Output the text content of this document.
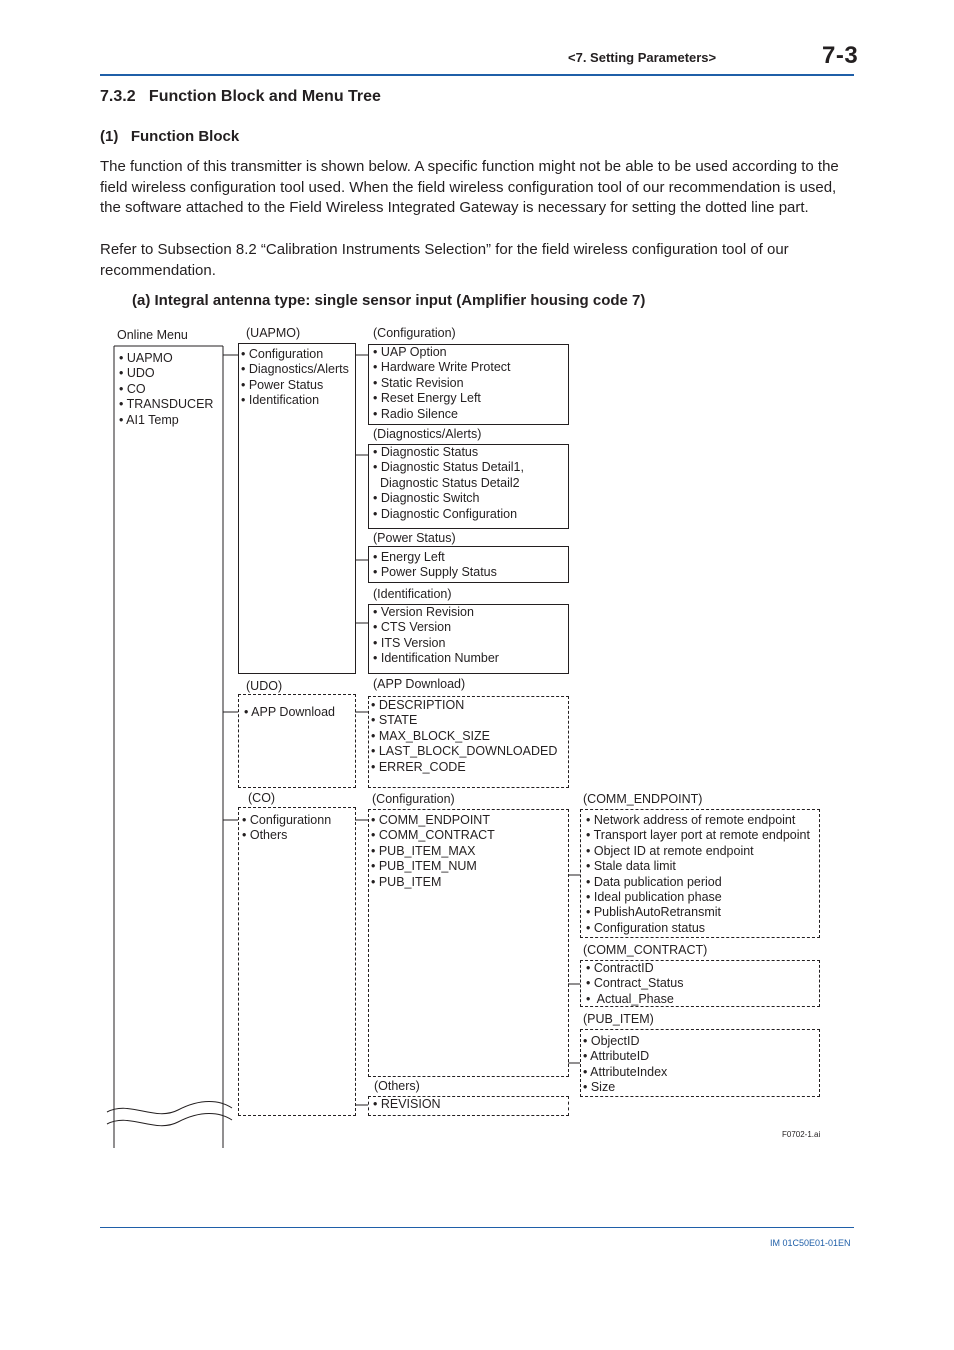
<7. Setting Parameters>	7-3
7.3.2   Function Block and Menu Tree
(1)   Function Block
The function of this transmitter is shown below. A specific function might not be able to be used according to the field wireless configuration tool used. When the field wireless configuration tool of our recommendation is used, the software attached to the Field Wireless Integrated Gateway is necessary for setting the dotted line part.
Refer to Subsection 8.2 “Calibration Instruments Selection” for the field wireless configuration tool of our recommendation.
(a) Integral antenna type: single sensor input (Amplifier housing code 7)
Online Menu
• UAPMO
• UDO
• CO
• TRANSDUCER
• AI1 Temp
(UAPMO)
• Configuration
• Diagnostics/Alerts
• Power Status
• Identification
(Configuration)
• UAP Option
• Hardware Write Protect
• Static Revision
• Reset Energy Left
• Radio Silence
(Diagnostics/Alerts)
• Diagnostic Status
• Diagnostic Status Detail1,
Diagnostic Status Detail2
• Diagnostic Switch
• Diagnostic Configuration
(Power Status)
• Energy Left
• Power Supply Status
(Identification)
• Version Revision
• CTS Version
• ITS Version
• Identification Number
(UDO)
• APP Download
(APP Download)
• DESCRIPTION
• STATE
• MAX_BLOCK_SIZE
• LAST_BLOCK_DOWNLOADED
• ERRER_CODE
(CO)
• Configurationn
• Others
(Configuration)
• COMM_ENDPOINT
• COMM_CONTRACT
• PUB_ITEM_MAX
• PUB_ITEM_NUM
• PUB_ITEM
(Others)
• REVISION
(COMM_ENDPOINT)
• Network address of remote endpoint
• Transport layer port at remote endpoint
• Object ID at remote endpoint
• Stale data limit
• Data publication period
• Ideal publication phase
• PublishAutoRetransmit
• Configuration status
(COMM_CONTRACT)
• ContractID
• Contract_Status
•  Actual_Phase
(PUB_ITEM)
• ObjectID
• AttributeID
• AttributeIndex
• Size
F0702-1.ai
IM 01C50E01-01EN
